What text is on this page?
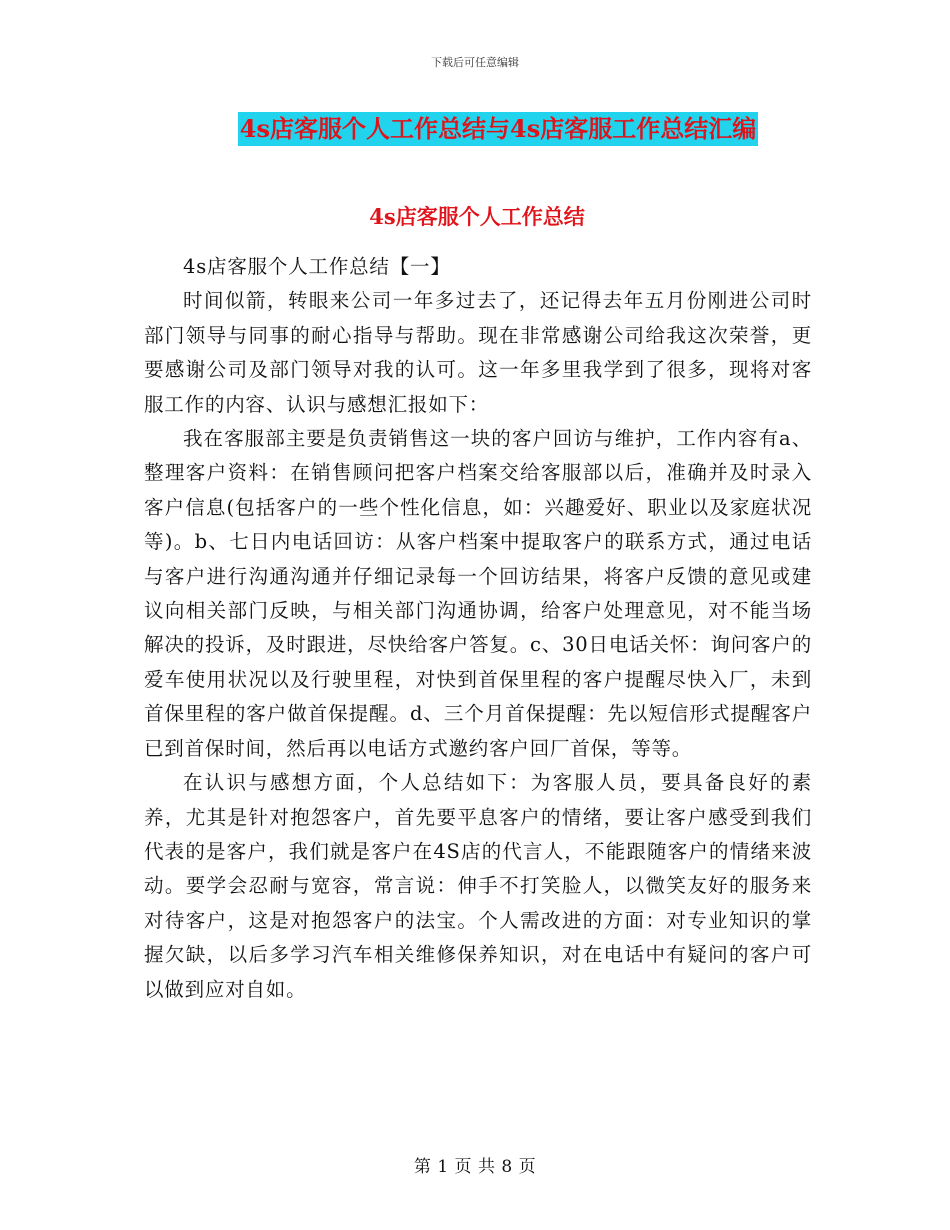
下载后可任意编辑
4s店客服个人工作总结与4s店客服工作总结汇编
4s店客服个人工作总结

4s店客服个人工作总结【一】

时间似箭，转眼来公司一年多过去了，还记得去年五月份刚进公司时部门领导与同事的耐心指导与帮助。现在非常感谢公司给我这次荣誉，更要感谢公司及部门领导对我的认可。这一年多里我学到了很多，现将对客服工作的内容、认识与感想汇报如下：

我在客服部主要是负责销售这一块的客户回访与维护，工作内容有a、整理客户资料：在销售顾问把客户档案交给客服部以后，准确并及时录入客户信息(包括客户的一些个性化信息，如：兴趣爱好、职业以及家庭状况等)。b、七日内电话回访：从客户档案中提取客户的联系方式，通过电话与客户进行沟通沟通并仔细记录每一个回访结果，将客户反馈的意见或建议向相关部门反映，与相关部门沟通协调，给客户处理意见，对不能当场解决的投诉，及时跟进，尽快给客户答复。c、30日电话关怀：询问客户的爱车使用状况以及行驶里程，对快到首保里程的客户提醒尽快入厂，未到首保里程的客户做首保提醒。d、三个月首保提醒：先以短信形式提醒客户已到首保时间，然后再以电话方式邀约客户回厂首保，等等。

在认识与感想方面，个人总结如下：为客服人员，要具备良好的素养，尤其是针对抱怨客户，首先要平息客户的情绪，要让客户感受到我们代表的是客户，我们就是客户在4S店的代言人，不能跟随客户的情绪来波动。要学会忍耐与宽容，常言说：伸手不打笑脸人，以微笑友好的服务来对待客户，这是对抱怨客户的法宝。个人需改进的方面：对专业知识的掌握欠缺，以后多学习汽车相关维修保养知识，对在电话中有疑问的客户可以做到应对自如。

第 1 页 共 8 页
